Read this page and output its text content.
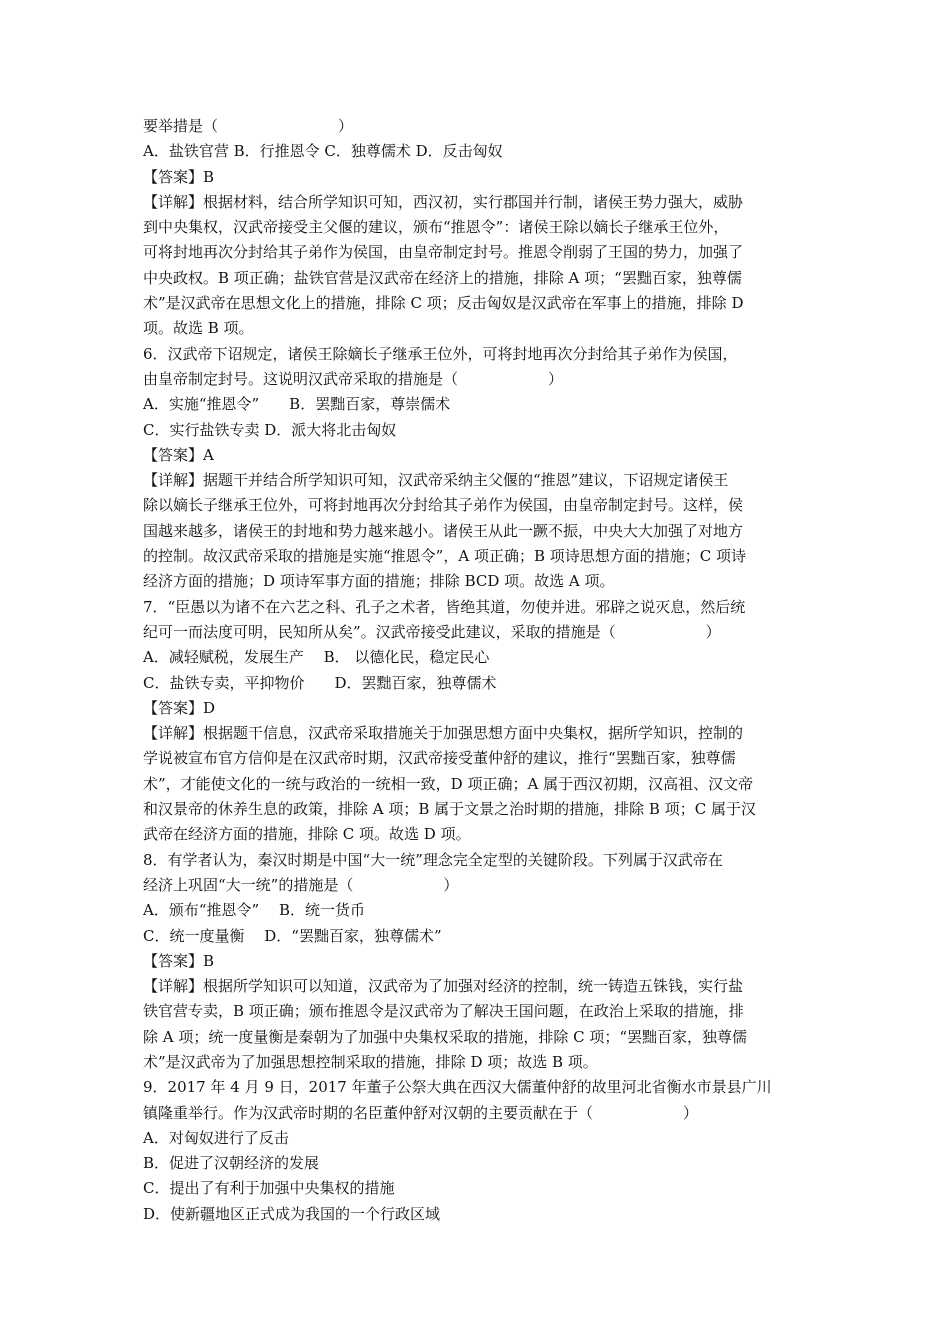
要举措是（　　　　　　　　）
A．盐铁官营 B．行推恩令 C．独尊儒术 D．反击匈奴
【答案】B
【详解】根据材料，结合所学知识可知，西汉初，实行郡国并行制，诸侯王势力强大，威胁
到中央集权，汉武帝接受主父偃的建议，颁布“推恩令”：诸侯王除以嫡长子继承王位外，
可将封地再次分封给其子弟作为侯国，由皇帝制定封号。推恩令削弱了王国的势力，加强了
中央政权。B 项正确；盐铁官营是汉武帝在经济上的措施，排除 A 项；“罢黜百家，独尊儒
术”是汉武帝在思想文化上的措施，排除 C 项；反击匈奴是汉武帝在军事上的措施，排除 D
项。故选 B 项。
6．汉武帝下诏规定，诸侯王除嫡长子继承王位外，可将封地再次分封给其子弟作为侯国，
由皇帝制定封号。这说明汉武帝采取的措施是（　　　　　　）
A．实施“推恩令”　　B．罢黜百家，尊崇儒术
C．实行盐铁专卖 D．派大将北击匈奴
【答案】A
【详解】据题干并结合所学知识可知，汉武帝采纳主父偃的“推恩”建议，下诏规定诸侯王
除以嫡长子继承王位外，可将封地再次分封给其子弟作为侯国，由皇帝制定封号。这样，侯
国越来越多，诸侯王的封地和势力越来越小。诸侯王从此一蹶不振，中央大大加强了对地方
的控制。故汉武帝采取的措施是实施“推恩令”，A 项正确；B 项诗思想方面的措施；C 项诗
经济方面的措施；D 项诗军事方面的措施；排除 BCD 项。故选 A 项。
7．“臣愚以为诸不在六艺之科、孔子之术者，皆绝其道，勿使并进。邪辟之说灭息，然后统
纪可一而法度可明，民知所从矣”。汉武帝接受此建议，采取的措施是（　　　　　　）
A．减轻赋税，发展生产　 B． 以德化民，稳定民心
C．盐铁专卖，平抑物价　　D．罢黜百家，独尊儒术
【答案】D
【详解】根据题干信息，汉武帝采取措施关于加强思想方面中央集权，据所学知识，控制的
学说被宣布官方信仰是在汉武帝时期，汉武帝接受董仲舒的建议，推行“罢黜百家，独尊儒
术”，才能使文化的一统与政治的一统相一致，D 项正确；A 属于西汉初期，汉高祖、汉文帝
和汉景帝的休养生息的政策，排除 A 项；B 属于文景之治时期的措施，排除 B 项；C 属于汉
武帝在经济方面的措施，排除 C 项。故选 D 项。
8．有学者认为，秦汉时期是中国“大一统”理念完全定型的关键阶段。下列属于汉武帝在
经济上巩固“大一统”的措施是（　　　　　　）
A．颁布“推恩令”　 B．统一货币
C．统一度量衡　 D．“罢黜百家，独尊儒术”
【答案】B
【详解】根据所学知识可以知道，汉武帝为了加强对经济的控制，统一铸造五铢钱，实行盐
铁官营专卖，B 项正确；颁布推恩令是汉武帝为了解决王国问题，在政治上采取的措施，排
除 A 项；统一度量衡是秦朝为了加强中央集权采取的措施，排除 C 项；“罢黜百家，独尊儒
术”是汉武帝为了加强思想控制采取的措施，排除 D 项；故选 B 项。
9．2017 年 4 月 9 日，2017 年董子公祭大典在西汉大儒董仲舒的故里河北省衡水市景县广川
镇隆重举行。作为汉武帝时期的名臣董仲舒对汉朝的主要贡献在于（　　　　　　）
A．对匈奴进行了反击
B．促进了汉朝经济的发展
C．提出了有利于加强中央集权的措施
D．使新疆地区正式成为我国的一个行政区域
